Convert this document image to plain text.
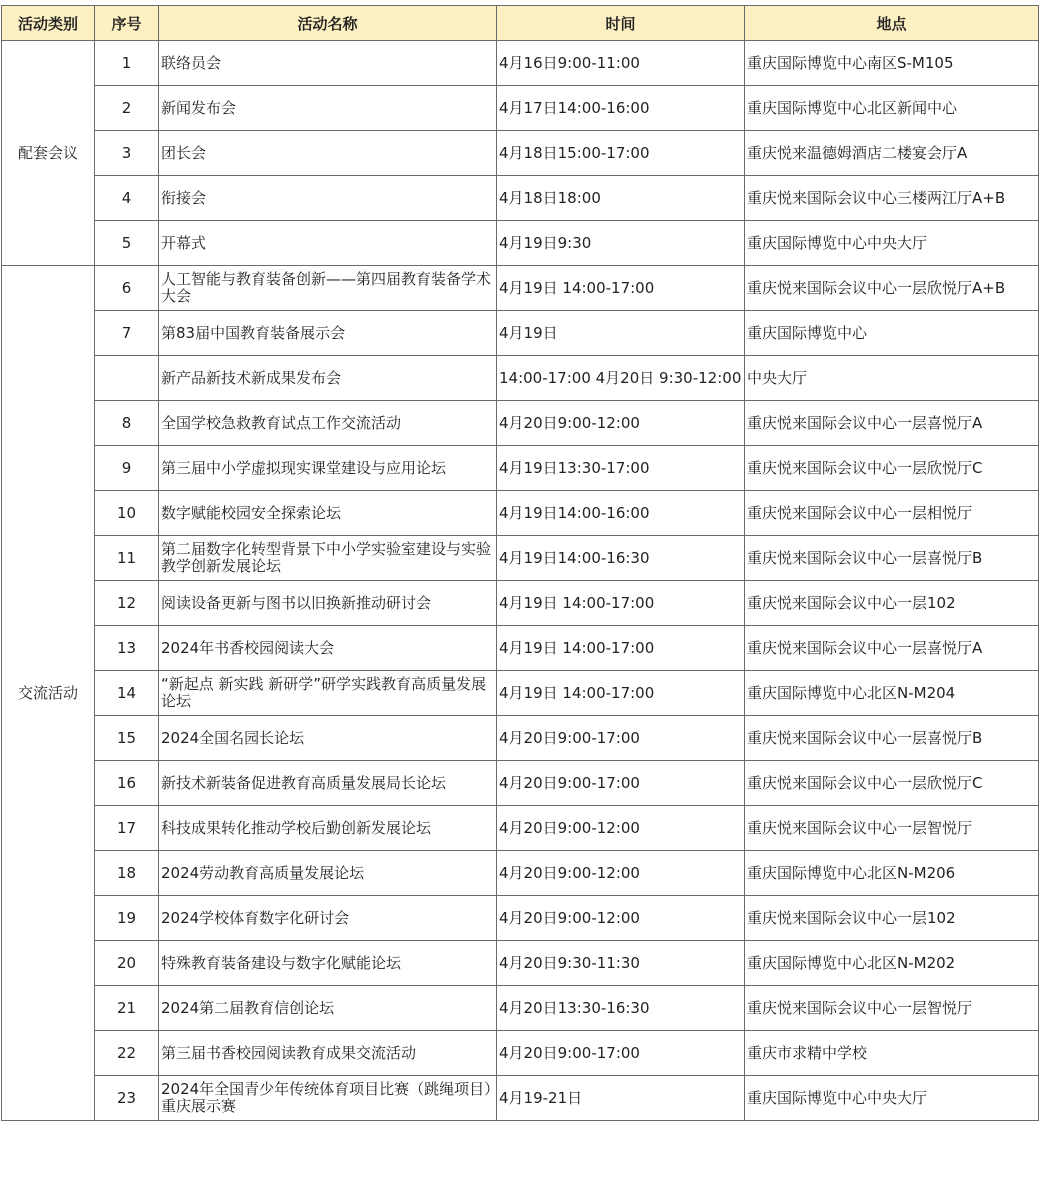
活动类别	序号	活动名称	时间	地点
配套会议	1	联络员会	4月16日9:00-11:00	重庆国际博览中心南区S-M105
	2	新闻发布会	4月17日14:00-16:00	重庆国际博览中心北区新闻中心
	3	团长会	4月18日15:00-17:00	重庆悦来温德姆酒店二楼宴会厅A
	4	衔接会	4月18日18:00	重庆悦来国际会议中心三楼两江厅A+B
	5	开幕式	4月19日9:30	重庆国际博览中心中央大厅
交流活动	6	人工智能与教育装备创新——第四届教育装备学术大会	4月19日 14:00-17:00	重庆悦来国际会议中心一层欣悦厅A+B
	7	第83届中国教育装备展示会	4月19日	重庆国际博览中心
		新产品新技术新成果发布会	14:00-17:00 4月20日 9:30-12:00	中央大厅
	8	全国学校急救教育试点工作交流活动	4月20日9:00-12:00	重庆悦来国际会议中心一层喜悦厅A
	9	第三届中小学虚拟现实课堂建设与应用论坛	4月19日13:30-17:00	重庆悦来国际会议中心一层欣悦厅C
	10	数字赋能校园安全探索论坛	4月19日14:00-16:00	重庆悦来国际会议中心一层相悦厅
	11	第二届数字化转型背景下中小学实验室建设与实验教学创新发展论坛	4月19日14:00-16:30	重庆悦来国际会议中心一层喜悦厅B
	12	阅读设备更新与图书以旧换新推动研讨会	4月19日 14:00-17:00	重庆悦来国际会议中心一层102
	13	2024年书香校园阅读大会	4月19日 14:00-17:00	重庆悦来国际会议中心一层喜悦厅A
	14	“新起点 新实践 新研学”研学实践教育高质量发展论坛	4月19日 14:00-17:00	重庆国际博览中心北区N-M204
	15	2024全国名园长论坛	4月20日9:00-17:00	重庆悦来国际会议中心一层喜悦厅B
	16	新技术新装备促进教育高质量发展局长论坛	4月20日9:00-17:00	重庆悦来国际会议中心一层欣悦厅C
	17	科技成果转化推动学校后勤创新发展论坛	4月20日9:00-12:00	重庆悦来国际会议中心一层智悦厅
	18	2024劳动教育高质量发展论坛	4月20日9:00-12:00	重庆国际博览中心北区N-M206
	19	2024学校体育数字化研讨会	4月20日9:00-12:00	重庆悦来国际会议中心一层102
	20	特殊教育装备建设与数字化赋能论坛	4月20日9:30-11:30	重庆国际博览中心北区N-M202
	21	2024第二届教育信创论坛	4月20日13:30-16:30	重庆悦来国际会议中心一层智悦厅
	22	第三届书香校园阅读教育成果交流活动	4月20日9:00-17:00	重庆市求精中学校
	23	2024年全国青少年传统体育项目比赛（跳绳项目）重庆展示赛	4月19-21日	重庆国际博览中心中央大厅
